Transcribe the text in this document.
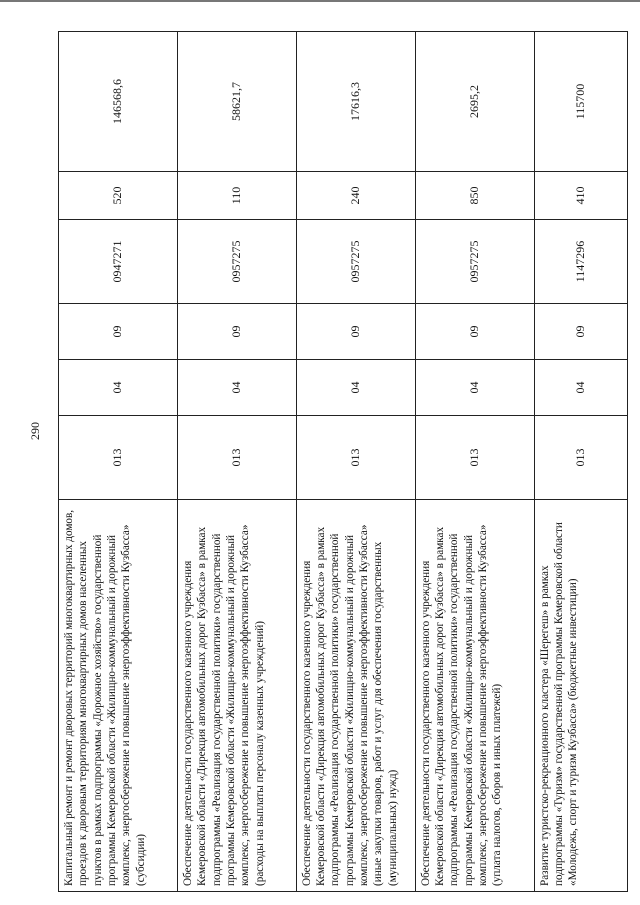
290
Капитальный ремонт и ремонт дворовых территорий многоквартирных домов, проездов к дворовым территориям многоквартирных домов населенных пунктов в рамках подпрограммы «Дорожное хозяйство» государственной программы Кемеровской области «Жилищно-коммунальный и дорожный комплекс, энергосбережение и повышение энергоэффективности Кузбасса» (субсидии)	013	04	09	0947271	520	146568,6
Обеспечение деятельности государственного казенного учреждения Кемеровской области «Дирекция автомобильных дорог Кузбасса» в рамках подпрограммы «Реализация государственной политики» государственной программы Кемеровской области «Жилищно-коммунальный и дорожный комплекс, энергосбережение и повышение энергоэффективности Кузбасса» (расходы на выплаты персоналу казенных учреждений)	013	04	09	0957275	110	58621,7
Обеспечение деятельности государственного казенного учреждения Кемеровской области «Дирекция автомобильных дорог Кузбасса» в рамках подпрограммы «Реализация государственной политики» государственной программы Кемеровской области «Жилищно-коммунальный и дорожный комплекс, энергосбережение и повышение энергоэффективности Кузбасса» (иные закупки товаров, работ и услуг для обеспечения государственных (муниципальных) нужд)	013	04	09	0957275	240	17616,3
Обеспечение деятельности государственного казенного учреждения Кемеровской области «Дирекция автомобильных дорог Кузбасса» в рамках подпрограммы «Реализация государственной политики» государственной программы Кемеровской области «Жилищно-коммунальный и дорожный комплекс, энергосбережение и повышение энергоэффективности Кузбасса» (уплата налогов, сборов и иных платежей)	013	04	09	0957275	850	2695,2
Развитие туристско-рекреационного кластера «Шерегеш» в рамках подпрограммы «Туризм» государственной программы Кемеровской области «Молодежь, спорт и туризм Кузбасса» (бюджетные инвестиции)	013	04	09	1147296	410	115700
